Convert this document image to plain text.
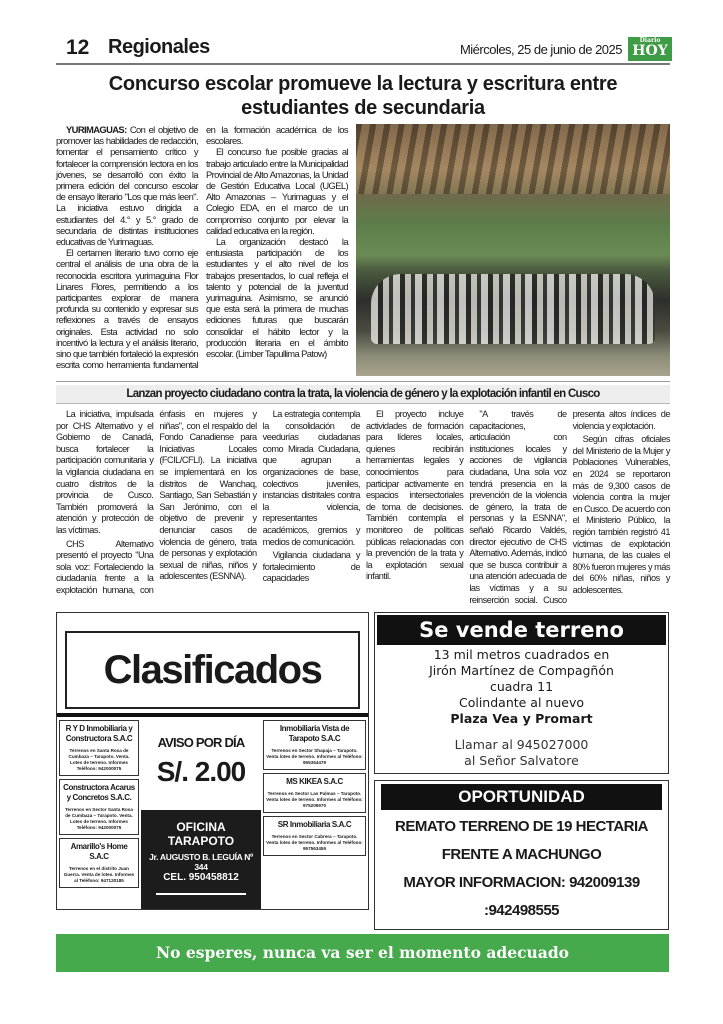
12 Regionales	Miércoles, 25 de junio de 2025
Diario
HOY
Concurso escolar promueve la lectura y escritura entre estudiantes de secundaria

YURIMAGUAS: Con el objetivo de promover las habilidades de redacción, fomentar el pensamiento crítico y fortalecer la comprensión lectora en los jóvenes, se desarrolló con éxito la primera edición del concurso escolar de ensayo literario "Los que más leen". La iniciativa estuvo dirigida a estudiantes del 4.° y 5.° grado de secundaria de distintas instituciones educativas de Yurimaguas.

El certamen literario tuvo como eje central el análisis de una obra de la reconocida escritora yurimaguina Flor Linares Flores, permitiendo a los participantes explorar de manera profunda su contenido y expresar sus reflexiones a través de ensayos originales. Esta actividad no solo incentivó la lectura y el análisis literario, sino que también fortaleció la expresión escrita como herramienta fundamental en la formación académica de los escolares.

El concurso fue posible gracias al trabajo articulado entre la Municipalidad Provincial de Alto Amazonas, la Unidad de Gestión Educativa Local (UGEL) Alto Amazonas – Yurimaguas y el Colegio EDA, en el marco de un compromiso conjunto por elevar la calidad educativa en la región.

La organización destacó la entusiasta participación de los estudiantes y el alto nivel de los trabajos presentados, lo cual refleja el talento y potencial de la juventud yurimaguina. Asimismo, se anunció que esta será la primera de muchas ediciones futuras que buscarán consolidar el hábito lector y la producción literaria en el ámbito escolar. (Limber Tapullima Patow)

Lanzan proyecto ciudadano contra la trata, la violencia de género y la explotación infantil en Cusco

La iniciativa, impulsada por CHS Alternativo y el Gobierno de Canadá, busca fortalecer la participación comunitaria y la vigilancia ciudadana en cuatro distritos de la provincia de Cusco. También promoverá la atención y protección de las víctimas.

CHS Alternativo presentó el proyecto "Una sola voz: Fortaleciendo la ciudadanía frente a la explotación humana, con énfasis en mujeres y niñas", con el respaldo del Fondo Canadiense para Iniciativas Locales (FCIL/CFLI). La iniciativa se implementará en los distritos de Wanchaq, Santiago, San Sebastián y San Jerónimo, con el objetivo de prevenir y denunciar casos de violencia de género, trata de personas y explotación sexual de niñas, niños y adolescentes (ESNNA).

La estrategia contempla la consolidación de veedurías ciudadanas como Mirada Ciudadana, que agrupan a organizaciones de base, colectivos juveniles, instancias distritales contra la violencia, representantes académicos, gremios y medios de comunicación.

Vigilancia ciudadana y fortalecimiento de capacidades

El proyecto incluye actividades de formación para líderes locales, quienes recibirán herramientas legales y conocimientos para participar activamente en espacios intersectoriales de toma de decisiones. También contempla el monitoreo de políticas públicas relacionadas con la prevención de la trata y la explotación sexual infantil.

"A través de capacitaciones, articulación con instituciones locales y acciones de vigilancia ciudadana, Una sola voz tendrá presencia en la prevención de la violencia de género, la trata de personas y la ESNNA", señaló Ricardo Valdés, director ejecutivo de CHS Alternativo. Además, indicó que se busca contribuir a una atención adecuada de las víctimas y a su reinserción social. Cusco presenta altos índices de violencia y explotación.

Según cifras oficiales del Ministerio de la Mujer y Poblaciones Vulnerables, en 2024 se reportaron más de 9,300 casos de violencia contra la mujer en Cusco. De acuerdo con el Ministerio Público, la región también registró 41 víctimas de explotación humana, de las cuales el 80% fueron mujeres y más del 60% niñas, niños y adolescentes.

Clasificados
R Y D Inmobiliaria y Constructora S.A.C
Terrenos en Santa Rosa de Cumbaza – Tarapoto. Venta. Lotes de terreno. Informes Teléfono: 942000075
Constructora Acarus y Concretos S.A.C.
Terrenos en Sector Santa Rosa de Cumbaza – Tarapoto. Venta. Lotes de terreno. Informes Teléfono: 942000075
Amarillo's Home S.A.C
Terrenos en el distrito Juan Guerra. Venta de lotes. Informes al Teléfono: 947120185
AVISO POR DÍA
S/. 2.00
OFICINA TARAPOTO
Jr. AUGUSTO B. LEGUÍA Nº 344
CEL. 950458812
Inmobiliaria Vista de Tarapoto S.A.C
Terrenos en Sector Shapaja – Tarapoto. Venta lotes de terreno. Informes al Teléfono: 955354479
MS KIKEA S.A.C
Terrenos en Sector Las Palmas – Tarapoto. Venta lotes de terreno. Informes al Teléfono: 975209970
SR Inmobiliaria S.A.C
Terrenos en Sector Cabrera – Tarapoto. Venta lotes de terreno. Informes al Teléfono: 957563455
Se vende terreno
13 mil metros cuadrados en
Jirón Martínez de Compagñón
cuadra 11
Colindante al nuevo
Plaza Vea y Promart
Llamar al 945027000
al Señor Salvatore
OPORTUNIDAD
REMATO TERRENO DE 19 HECTARIA
FRENTE A MACHUNGO
MAYOR INFORMACION: 942009139
:942498555
No esperes, nunca va ser el momento adecuado
